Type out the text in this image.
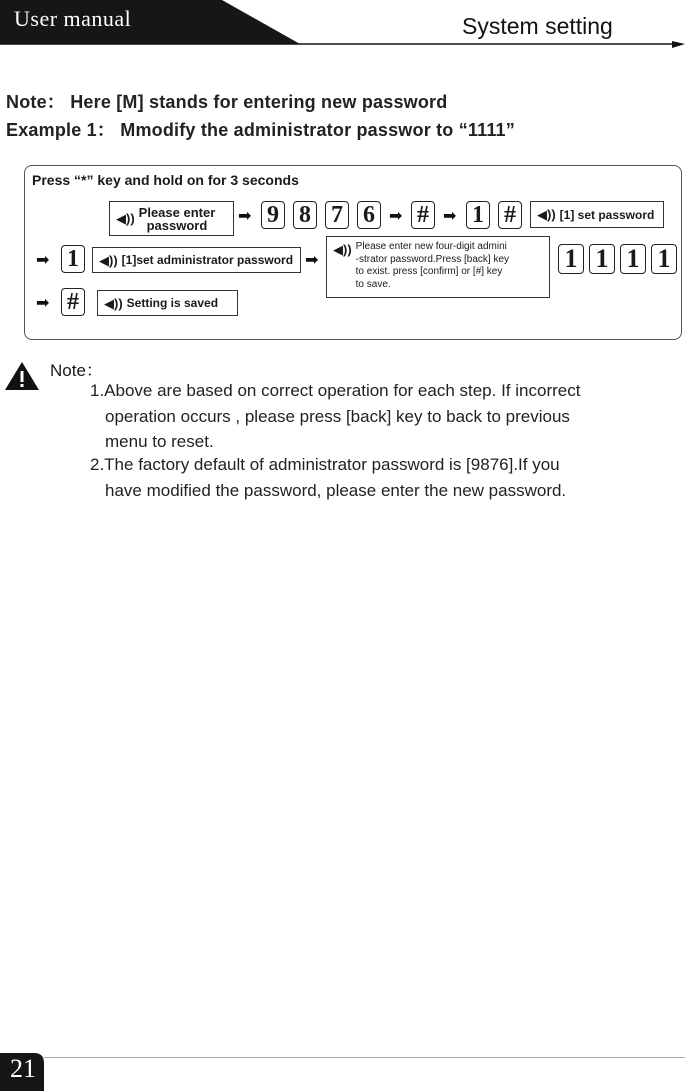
User manual	System setting
Note： Here [M] stands for entering new password
Example 1： Mmodify the administrator passwor to “1111”
Press “*” key and hold on for 3 seconds
◀)) Please enter
password	➡ 9 8 7 6 ➡ # ➡ 1 #	◀)) [1] set password
➡ 1	◀)) [1]set administrator password ➡
◀)) Please enter new four-digit admini
-strator password.Press [back] key
to exist. press [confirm] or [#] key
to save.
1 1 1 1
➡ #	◀)) Setting is saved
Note：
1.Above are based on correct operation for each step. If incorrect
operation occurs , please press [back] key to back to previous
menu to reset.
2.The factory default of administrator password is [9876].If you
have modified the password, please enter the new password.
21
